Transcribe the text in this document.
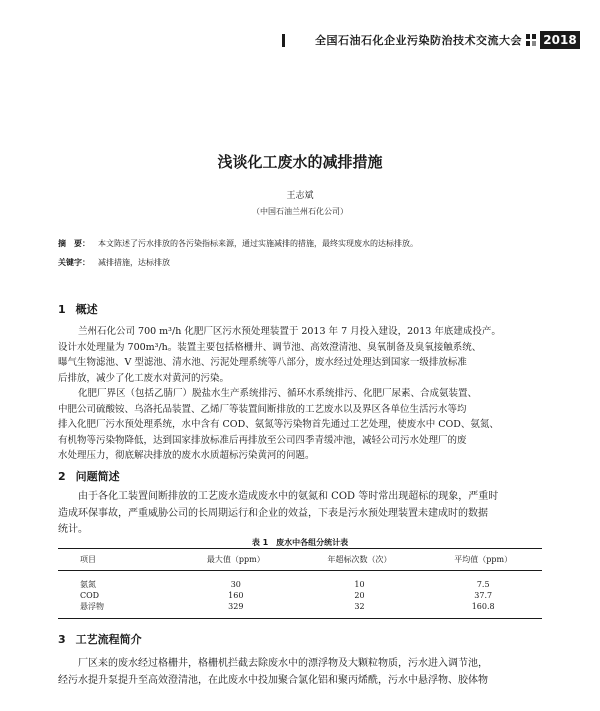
全国石油石化企业污染防治技术交流大会 2018
浅谈化工废水的减排措施
王志斌
（中国石油兰州石化公司）
摘　要： 本文陈述了污水排放的各污染指标来源，通过实施减排的措施，最终实现废水的达标排放。
关键字： 减排措施，达标排放
1 概述
兰州石化公司 700 m³/h 化肥厂区污水预处理装置于 2013 年 7 月投入建设，2013 年底建成投产。
设计水处理量为 700m³/h。装置主要包括格栅井、调节池、高效澄清池、臭氧制备及臭氧接触系统、
曝气生物滤池、V 型滤池、清水池、污泥处理系统等八部分，废水经过处理达到国家一级排放标准
后排放，减少了化工废水对黄河的污染。
化肥厂界区（包括乙腈厂）脱盐水生产系统排污、循环水系统排污、化肥厂尿素、合成氨装置、
中肥公司硫酸铵、乌洛托品装置、乙烯厂等装置间断排放的工艺废水以及界区各单位生活污水等均
排入化肥厂污水预处理系统，水中含有 COD、氨氮等污染物首先通过工艺处理，使废水中 COD、氨氮、
有机物等污染物降低，达到国家排放标准后再排放至公司四季青缓冲池，减轻公司污水处理厂的废
水处理压力，彻底解决排放的废水水质超标污染黄河的问题。
2 问题简述
由于各化工装置间断排放的工艺废水造成废水中的氨氮和 COD 等时常出现超标的现象，严重时
造成环保事故，严重威胁公司的长周期运行和企业的效益，下表是污水预处理装置未建成时的数据
统计。
表 1　废水中各组分统计表
项目	最大值（ppm）	年超标次数（次）	平均值（ppm）
氨氮	30	10	7.5
COD	160	20	37.7
悬浮物	329	32	160.8
3 工艺流程简介
厂区来的废水经过格栅井，格栅机拦截去除废水中的漂浮物及大颗粒物质，污水进入调节池，
经污水提升泵提升至高效澄清池，在此废水中投加聚合氯化铝和聚丙烯酰，污水中悬浮物、胶体物
